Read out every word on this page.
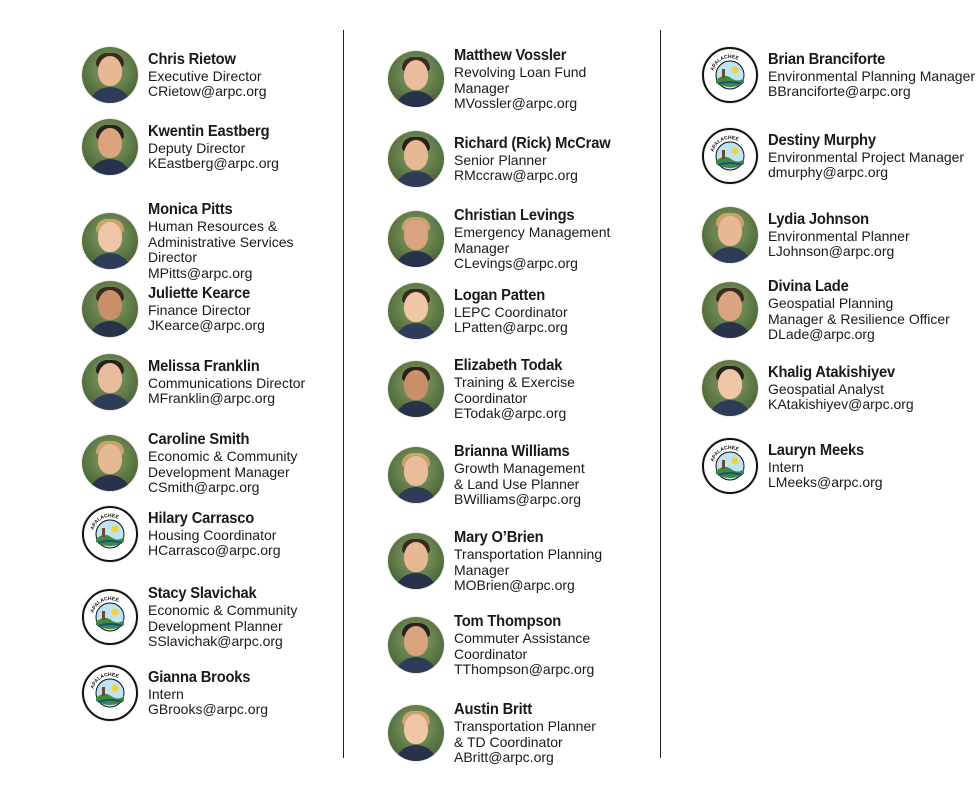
Chris Rietow
Executive Director
CRietow@arpc.org
Kwentin Eastberg
Deputy Director
KEastberg@arpc.org
Monica Pitts
Human Resources &
Administrative Services
Director
MPitts@arpc.org
Juliette Kearce
Finance Director
JKearce@arpc.org
Melissa Franklin
Communications Director
MFranklin@arpc.org
Caroline Smith
Economic & Community
Development Manager
CSmith@arpc.org
APALACHEE Hilary Carrasco
Housing Coordinator
HCarrasco@arpc.org
APALACHEE Stacy Slavichak
Economic & Community
Development Planner
SSlavichak@arpc.org
APALACHEE Gianna Brooks
Intern
GBrooks@arpc.org
Matthew Vossler
Revolving Loan Fund
Manager
MVossler@arpc.org
Richard (Rick) McCraw
Senior Planner
RMccraw@arpc.org
Christian Levings
Emergency Management
Manager
CLevings@arpc.org
Logan Patten
LEPC Coordinator
LPatten@arpc.org
Elizabeth Todak
Training & Exercise
Coordinator
ETodak@arpc.org
Brianna Williams
Growth Management
& Land Use Planner
BWilliams@arpc.org
Mary O’Brien
Transportation Planning
Manager
MOBrien@arpc.org
Tom Thompson
Commuter Assistance
Coordinator
TThompson@arpc.org
Austin Britt
Transportation Planner
& TD Coordinator
ABritt@arpc.org
APALACHEE Brian Branciforte
Environmental Planning Manager
BBranciforte@arpc.org
APALACHEE Destiny Murphy
Environmental Project Manager
dmurphy@arpc.org
Lydia Johnson
Environmental Planner
LJohnson@arpc.org
Divina Lade
Geospatial Planning
Manager & Resilience Officer
DLade@arpc.org
Khalig Atakishiyev
Geospatial Analyst
KAtakishiyev@arpc.org
APALACHEE Lauryn Meeks
Intern
LMeeks@arpc.org
